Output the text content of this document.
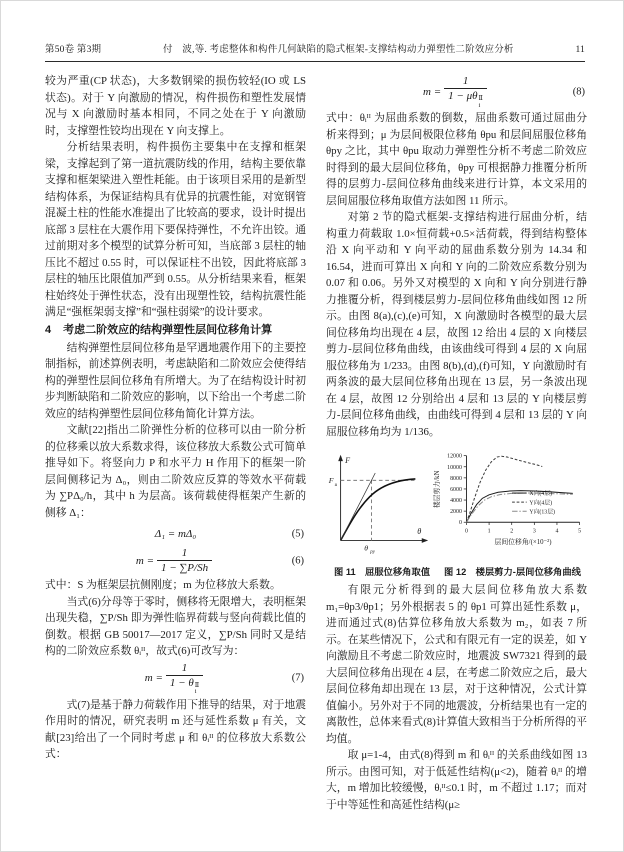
第50卷 第3期	付　波,等. 考虑整体和构件几何缺陷的隐式框架-支撑结构动力弹塑性二阶效应分析	11

较为严重(CP 状态)，大多数钢梁的损伤较轻(IO 或 LS 状态)。对于 Y 向激励的情况，构件损伤和塑性发展情况与 X 向激励时基本相同，不同之处在于 Y 向激励时，支撑塑性铰均出现在 Y 向支撑上。

分析结果表明，构件损伤主要集中在支撑和框架梁，支撑起到了第一道抗震防线的作用，结构主要依靠支撑和框架梁进入塑性耗能。由于该项目采用的是新型结构体系，为保证结构具有优异的抗震性能，对宽钢管混凝土柱的性能水准提出了比较高的要求，设计时提出底部 3 层柱在大震作用下要保持弹性，不允许出铰。通过前期对多个模型的试算分析可知，当底部 3 层柱的轴压比不超过 0.55 时，可以保证柱不出铰，因此将底部 3 层柱的轴压比限值加严到 0.55。从分析结果来看，框架柱始终处于弹性状态，没有出现塑性铰，结构抗震性能满足“强框架弱支撑”和“强柱弱梁”的设计要求。

4 考虑二阶效应的结构弹塑性层间位移角计算

结构弹塑性层间位移角是罕遇地震作用下的主要控制指标，前述算例表明，考虑缺陷和二阶效应会使得结构的弹塑性层间位移角有所增大。为了在结构设计时初步判断缺陷和二阶效应的影响，以下给出一个考虑二阶效应的结构弹塑性层间位移角简化计算方法。

文献[22]指出二阶弹性分析的位移可以由一阶分析的位移乘以放大系数求得，该位移放大系数公式可简单推导如下。将竖向力 P 和水平力 H 作用下的框架一阶层间侧移记为 Δ₀，则由二阶效应反算的等效水平荷载为 ∑PΔ₀/h，其中 h 为层高。该荷载使得框架产生新的侧移 Δ₁：

Δ₁ = mΔ₀	(5)
$m = \frac{1}{1 - \sum P/Sh}$	(6)

式中：S 为框架层抗侧刚度；m 为位移放大系数。

当式(6)分母等于零时，侧移将无限增大，表明框架出现失稳，∑P/Sh 即为弹性临界荷载与竖向荷载比值的倒数。根据 GB 50017—2017 定义，∑P/Sh 同时又是结构的二阶效应系数 θᵢᴵᴵ，故式(6)可改写为：

m = 1
1 − θ Ⅱ
i	(7)

式(7)是基于静力荷载作用下推导的结果，对于地震作用时的情况，研究表明 m 还与延性系数 μ 有关，文献[23]给出了一个同时考虑 μ 和 θᵢᴵᴵ 的位移放大系数公式：

m = 1
1 − μθ Ⅱ
i	(8)

式中：θᵢᴵᴵ 为屈曲系数的倒数，屈曲系数可通过屈曲分析来得到；μ 为层间极限位移角 θpu 和层间屈服位移角 θpy 之比，其中 θpu 取动力弹塑性分析不考虑二阶效应时得到的最大层间位移角，θpy 可根据静力推覆分析所得的层剪力-层间位移角曲线来进行计算，本文采用的层间屈服位移角取值方法如图 11 所示。

对第 2 节的隐式框架-支撑结构进行屈曲分析，结构重力荷载取 1.0×恒荷载+0.5×活荷载，得到结构整体沿 X 向平动和 Y 向平动的屈曲系数分别为 14.34 和 16.54，进而可算出 X 向和 Y 向的二阶效应系数分别为 0.07 和 0.06。另外又对模型的 X 向和 Y 向分别进行静力推覆分析，得到楼层剪力-层间位移角曲线如图 12 所示。由图 8(a),(c),(e)可知，X 向激励时各模型的最大层间位移角均出现在 4 层，故图 12 给出 4 层的 X 向楼层剪力-层间位移角曲线，由该曲线可得到 4 层的 X 向屈服位移角为 1/233。由图 8(b),(d),(f)可知，Y 向激励时有两条波的最大层间位移角出现在 13 层，另一条波出现在 4 层，故图 12 分别给出 4 层和 13 层的 Y 向楼层剪力-层间位移角曲线，由曲线可得到 4 层和 13 层的 Y 向屈服位移角均为 1/136。

F
θ
F
u
θ
py
0	1	2	3	4	5
0
2000
4000
6000
8000
10000
12000
X向(4层)
Y向(4层)
Y向(13层)
层间位移角/(×10⁻²)
楼层剪力/kN
图 11　屈服位移角取值	图 12　楼层剪力-层间位移角曲线

有限元分析得到的最大层间位移角放大系数 m₁=θp3/θp1；另外根据表 5 的 θp1 可算出延性系数 μ，进而通过式(8)估算位移角放大系数为 m₂，如表 7 所示。在某些情况下，公式和有限元有一定的误差，如 Y 向激励且不考虑二阶效应时，地震波 SW7321 得到的最大层间位移角出现在 4 层，在考虑二阶效应之后，最大层间位移角却出现在 13 层，对于这种情况，公式计算值偏小。另外对于不同的地震波，分析结果也有一定的离散性，总体来看式(8)计算值大致相当于分析所得的平均值。

取 μ=1-4，由式(8)得到 m 和 θᵢᴵᴵ 的关系曲线如图 13 所示。由图可知，对于低延性结构(μ<2)，随着 θᵢᴵᴵ 的增大，m 增加比较缓慢，θᵢᴵᴵ≤0.1 时，m 不超过 1.17；而对于中等延性和高延性结构(μ≥
